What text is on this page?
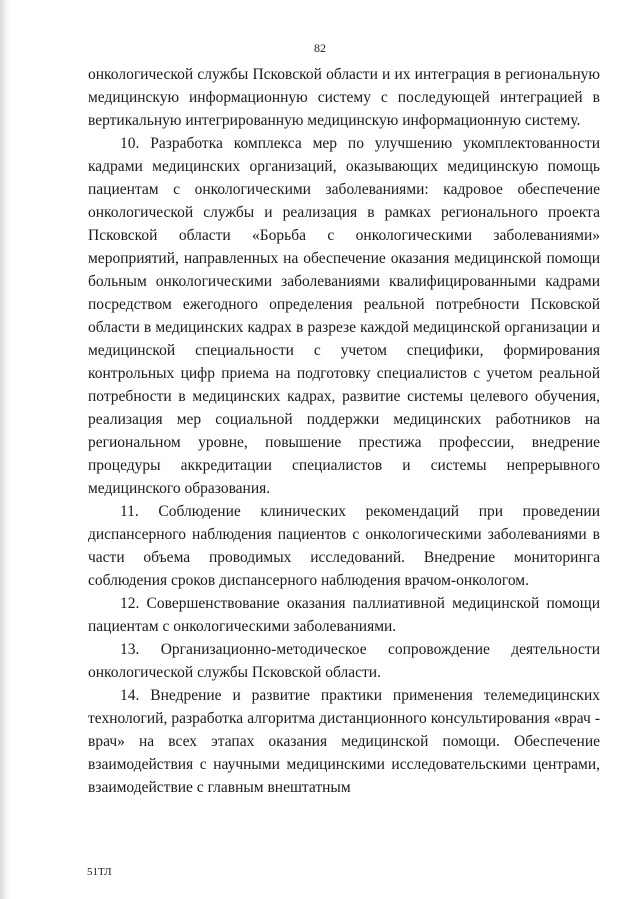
82

онкологической службы Псковской области и их интеграция в региональную медицинскую информационную систему с последующей интеграцией в вертикальную интегрированную медицинскую информационную систему.

10. Разработка комплекса мер по улучшению укомплектованности кадрами медицинских организаций, оказывающих медицинскую помощь пациентам с онкологическими заболеваниями: кадровое обеспечение онкологической службы и реализация в рамках регионального проекта Псковской области «Борьба с онкологическими заболеваниями» мероприятий, направленных на обеспечение оказания медицинской помощи больным онкологическими заболеваниями квалифицированными кадрами посредством ежегодного определения реальной потребности Псковской области в медицинских кадрах в разрезе каждой медицинской организации и медицинской специальности с учетом специфики, формирования контрольных цифр приема на подготовку специалистов с учетом реальной потребности в медицинских кадрах, развитие системы целевого обучения, реализация мер социальной поддержки медицинских работников на региональном уровне, повышение престижа профессии, внедрение процедуры аккредитации специалистов и системы непрерывного медицинского образования.

11. Соблюдение клинических рекомендаций при проведении диспансерного наблюдения пациентов с онкологическими заболеваниями в части объема проводимых исследований. Внедрение мониторинга соблюдения сроков диспансерного наблюдения врачом-онкологом.

12. Совершенствование оказания паллиативной медицинской помощи пациентам с онкологическими заболеваниями.

13. Организационно-методическое сопровождение деятельности онкологической службы Псковской области.

14. Внедрение и развитие практики применения телемедицинских технологий, разработка алгоритма дистанционного консультирования «врач - врач» на всех этапах оказания медицинской помощи. Обеспечение взаимодействия с научными медицинскими исследовательскими центрами, взаимодействие с главным внештатным

51ТЛ
